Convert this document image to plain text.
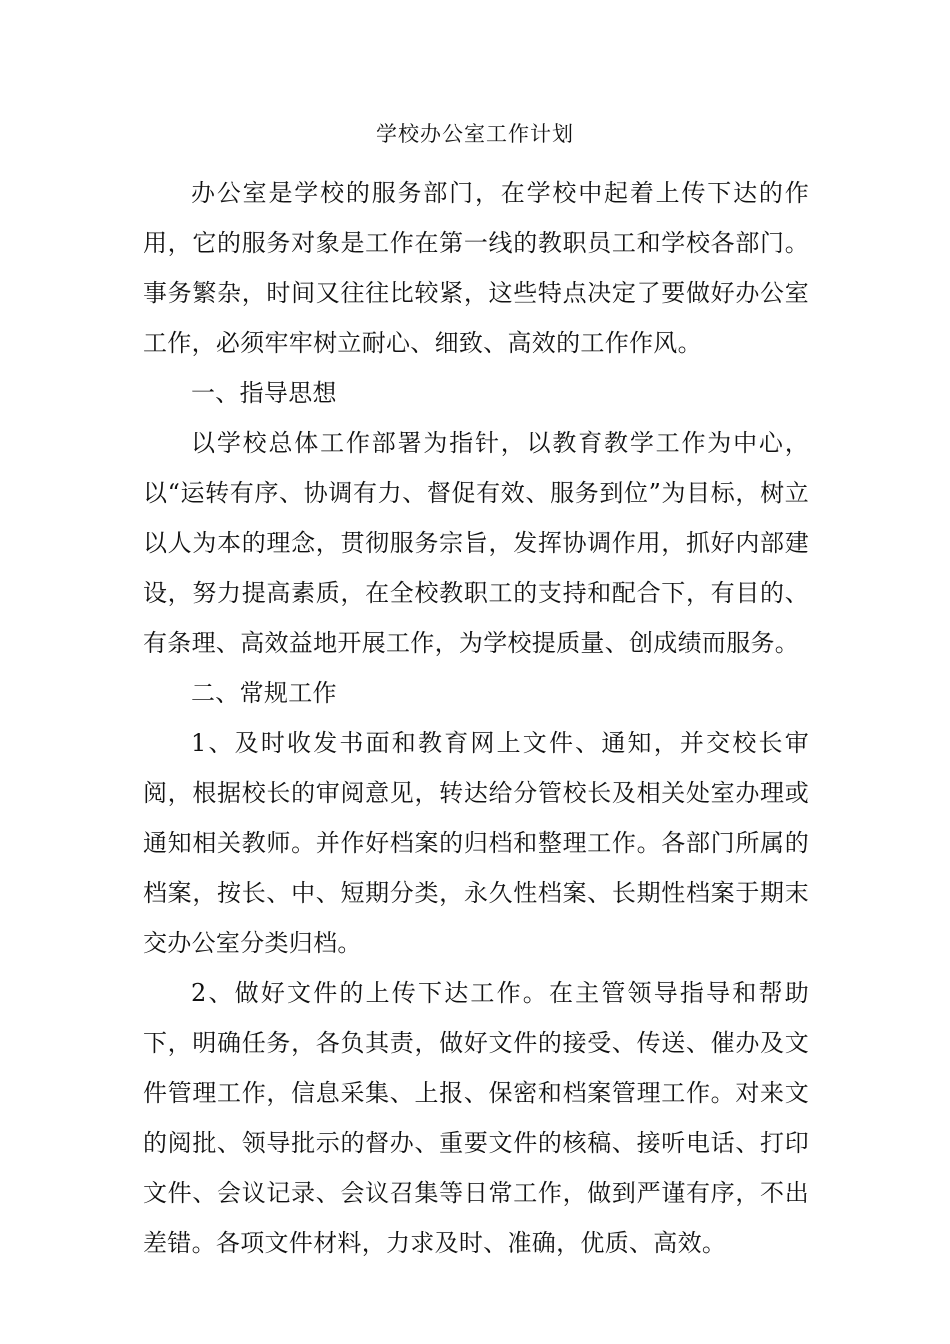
学校办公室工作计划

办公室是学校的服务部门，在学校中起着上传下达的作用，它的服务对象是工作在第一线的教职员工和学校各部门。事务繁杂，时间又往往比较紧，这些特点决定了要做好办公室工作，必须牢牢树立耐心、细致、高效的工作作风。

一、指导思想

以学校总体工作部署为指针，以教育教学工作为中心，以“运转有序、协调有力、督促有效、服务到位”为目标，树立以人为本的理念，贯彻服务宗旨，发挥协调作用，抓好内部建设，努力提高素质，在全校教职工的支持和配合下，有目的、有条理、高效益地开展工作，为学校提质量、创成绩而服务。

二、常规工作

1、及时收发书面和教育网上文件、通知，并交校长审阅，根据校长的审阅意见，转达给分管校长及相关处室办理或通知相关教师。并作好档案的归档和整理工作。各部门所属的档案，按长、中、短期分类，永久性档案、长期性档案于期末交办公室分类归档。

2、做好文件的上传下达工作。在主管领导指导和帮助下，明确任务，各负其责，做好文件的接受、传送、催办及文件管理工作，信息采集、上报、保密和档案管理工作。对来文的阅批、领导批示的督办、重要文件的核稿、接听电话、打印文件、会议记录、会议召集等日常工作，做到严谨有序，不出差错。各项文件材料，力求及时、准确，优质、高效。
